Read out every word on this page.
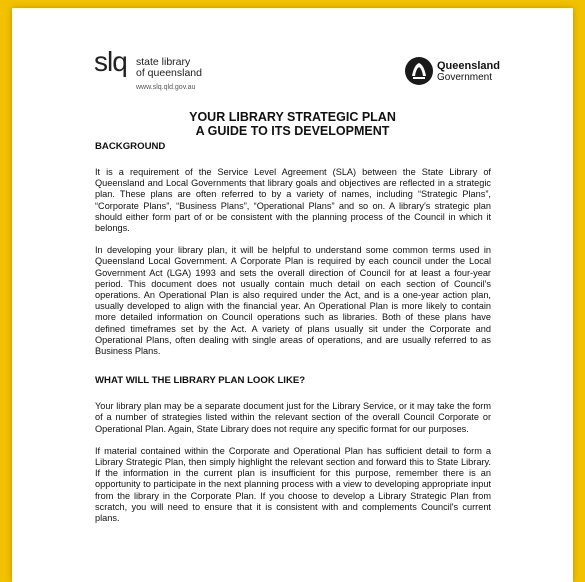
slq state library
of queensland
www.slq.qld.gov.au
Queensland
Government
YOUR LIBRARY STRATEGIC PLAN
A GUIDE TO ITS DEVELOPMENT
BACKGROUND

It is a requirement of the Service Level Agreement (SLA) between the State Library of Queensland and Local Governments that library goals and objectives are reflected in a strategic plan. These plans are often referred to by a variety of names, including “Strategic Plans”, “Corporate Plans”, “Business Plans”, “Operational Plans” and so on. A library's strategic plan should either form part of or be consistent with the planning process of the Council in which it belongs.

In developing your library plan, it will be helpful to understand some common terms used in Queensland Local Government. A Corporate Plan is required by each council under the Local Government Act (LGA) 1993 and sets the overall direction of Council for at least a four-year period. This document does not usually contain much detail on each section of Council's operations. An Operational Plan is also required under the Act, and is a one-year action plan, usually developed to align with the financial year. An Operational Plan is more likely to contain more detailed information on Council operations such as libraries. Both of these plans have defined timeframes set by the Act. A variety of plans usually sit under the Corporate and Operational Plans, often dealing with single areas of operations, and are usually referred to as Business Plans.

WHAT WILL THE LIBRARY PLAN LOOK LIKE?

Your library plan may be a separate document just for the Library Service, or it may take the form of a number of strategies listed within the relevant section of the overall Council Corporate or Operational Plan. Again, State Library does not require any specific format for our purposes.

If material contained within the Corporate and Operational Plan has sufficient detail to form a Library Strategic Plan, then simply highlight the relevant section and forward this to State Library. If the information in the current plan is insufficient for this purpose, remember there is an opportunity to participate in the next planning process with a view to developing appropriate input from the library in the Corporate Plan. If you choose to develop a Library Strategic Plan from scratch, you will need to ensure that it is consistent with and complements Council's current plans.
